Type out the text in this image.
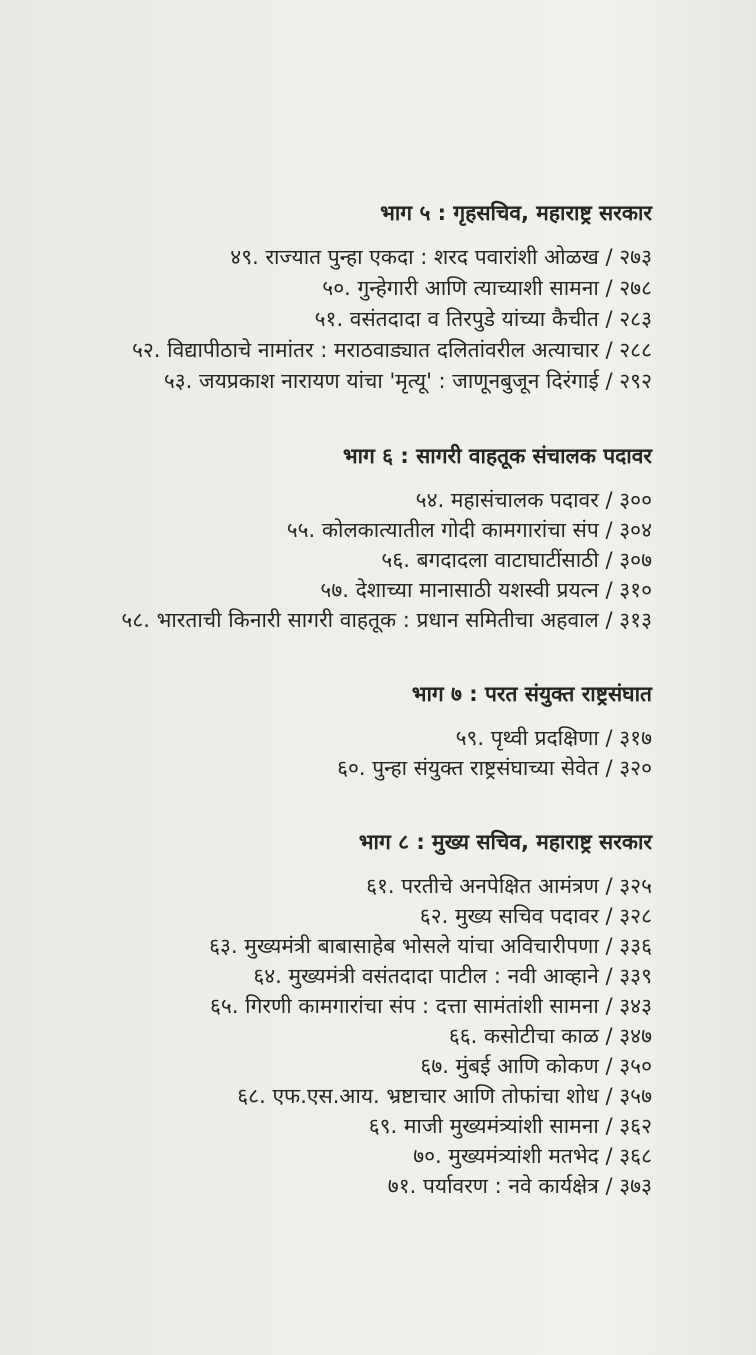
भाग ५ : गृहसचिव, महाराष्ट्र सरकार

४९. राज्यात पुन्हा एकदा : शरद पवारांशी ओळख / २७३

५०. गुन्हेगारी आणि त्याच्याशी सामना / २७८

५१. वसंतदादा व तिरपुडे यांच्या कैचीत / २८३

५२. विद्यापीठाचे नामांतर : मराठवाड्यात दलितांवरील अत्याचार / २८८

५३. जयप्रकाश नारायण यांचा 'मृत्यू' : जाणूनबुजून दिरंगाई / २९२

भाग ६ : सागरी वाहतूक संचालक पदावर

५४. महासंचालक पदावर / ३००

५५. कोलकात्यातील गोदी कामगारांचा संप / ३०४

५६. बगदादला वाटाघाटींसाठी / ३०७

५७. देशाच्या मानासाठी यशस्वी प्रयत्न / ३१०

५८. भारताची किनारी सागरी वाहतूक : प्रधान समितीचा अहवाल / ३१३

भाग ७ : परत संयुक्त राष्ट्रसंघात

५९. पृथ्वी प्रदक्षिणा / ३१७

६०. पुन्हा संयुक्त राष्ट्रसंघाच्या सेवेत / ३२०

भाग ८ : मुख्य सचिव, महाराष्ट्र सरकार

६१. परतीचे अनपेक्षित आमंत्रण / ३२५

६२. मुख्य सचिव पदावर / ३२८

६३. मुख्यमंत्री बाबासाहेब भोसले यांचा अविचारीपणा / ३३६

६४. मुख्यमंत्री वसंतदादा पाटील : नवी आव्हाने / ३३९

६५. गिरणी कामगारांचा संप : दत्ता सामंतांशी सामना / ३४३

६६. कसोटीचा काळ / ३४७

६७. मुंबई आणि कोकण / ३५०

६८. एफ.एस.आय. भ्रष्टाचार आणि तोफांचा शोध / ३५७

६९. माजी मुख्यमंत्र्यांशी सामना / ३६२

७०. मुख्यमंत्र्यांशी मतभेद / ३६८

७१. पर्यावरण : नवे कार्यक्षेत्र / ३७३
